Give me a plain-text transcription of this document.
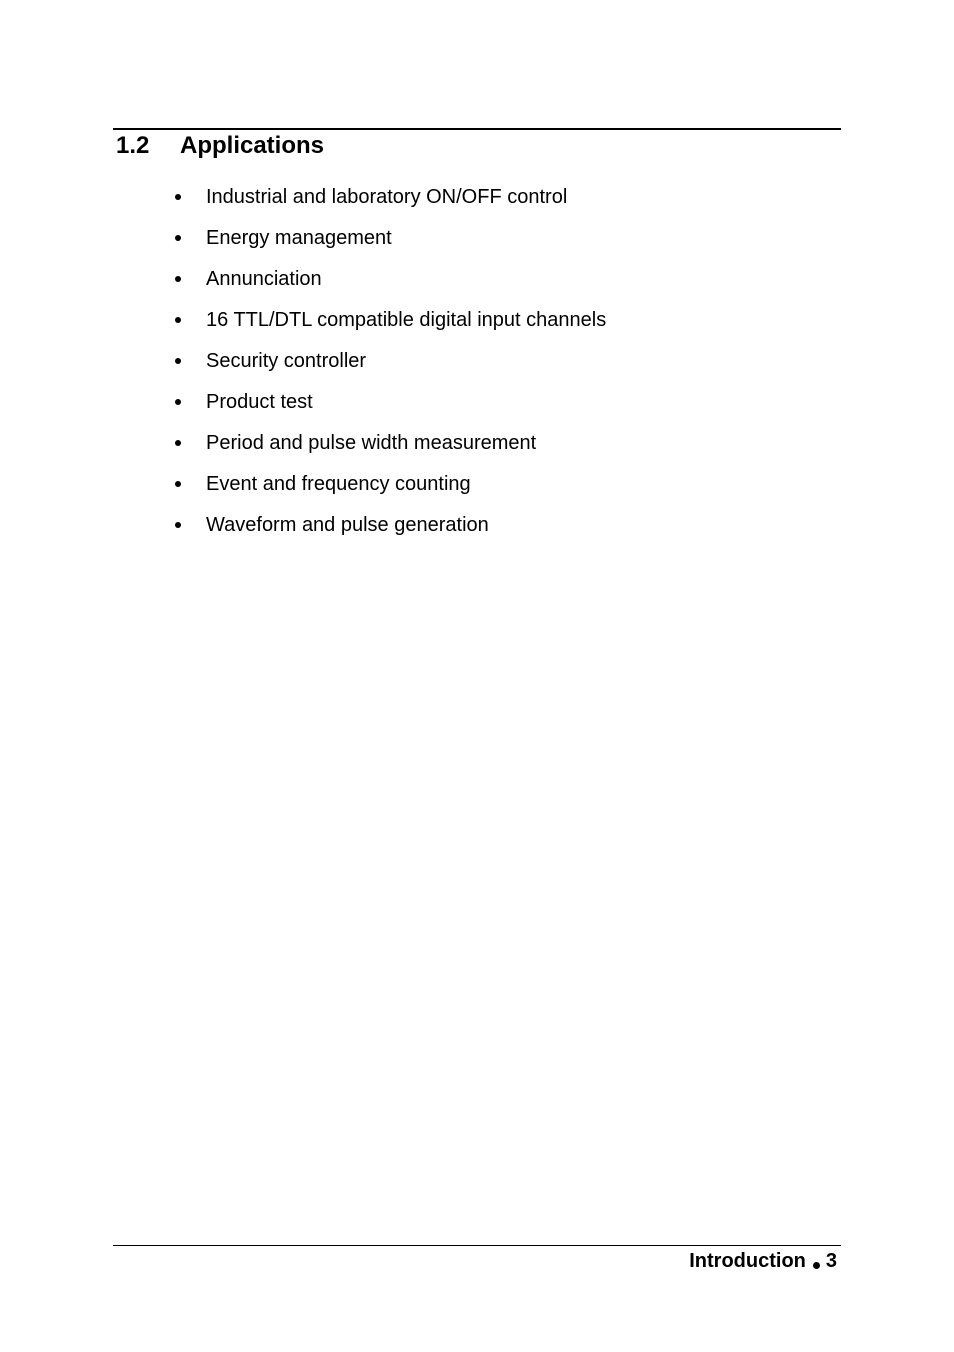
1.2 Applications
Industrial and laboratory ON/OFF control
Energy management
Annunciation
16 TTL/DTL compatible digital input channels
Security controller
Product test
Period and pulse width measurement
Event and frequency counting
Waveform and pulse generation
Introduction 3
